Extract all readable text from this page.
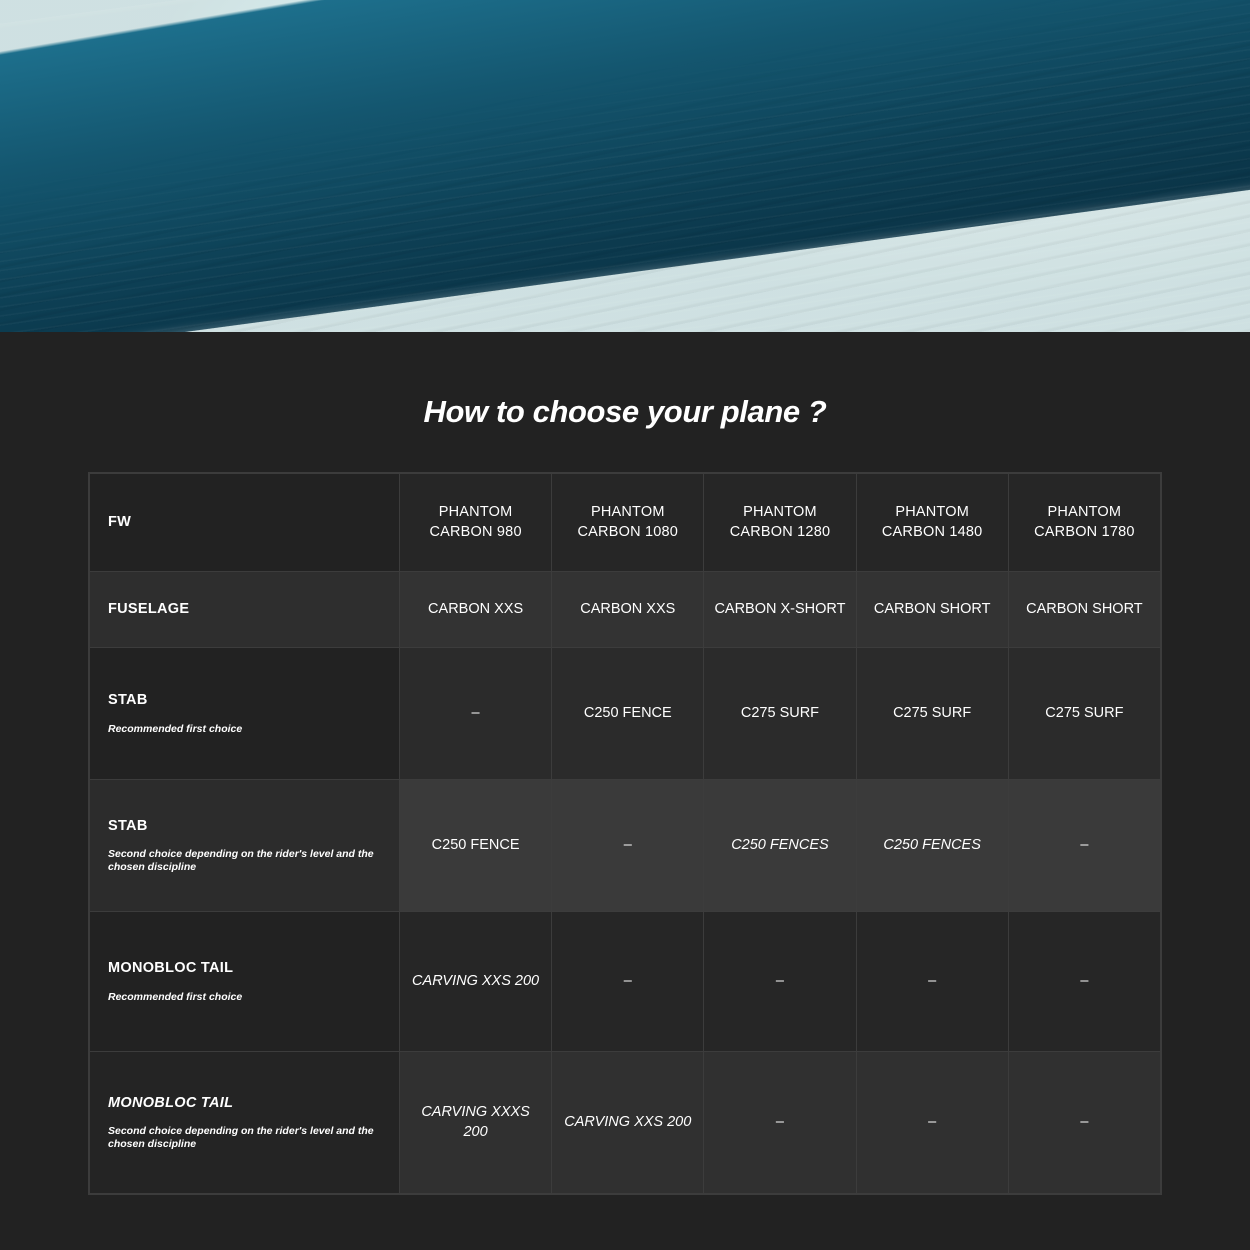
How to choose your plane ?
FW	PHANTOM CARBON 980	PHANTOM CARBON 1080	PHANTOM CARBON 1280	PHANTOM CARBON 1480	PHANTOM CARBON 1780

FUSELAGE	CARBON XXS	CARBON XXS	CARBON X-SHORT	CARBON SHORT	CARBON SHORT

STAB
Recommended first choice	–	C250 FENCE	C275 SURF	C275 SURF	C275 SURF

STAB
Second choice depending on the rider's level and the chosen discipline	C250 FENCE	–	C250 FENCES	C250 FENCES	–

MONOBLOC TAIL
Recommended first choice	CARVING XXS 200	–	–	–	–

MONOBLOC TAIL
Second choice depending on the rider's level and the chosen discipline	CARVING XXXS 200	CARVING XXS 200	–	–	–
